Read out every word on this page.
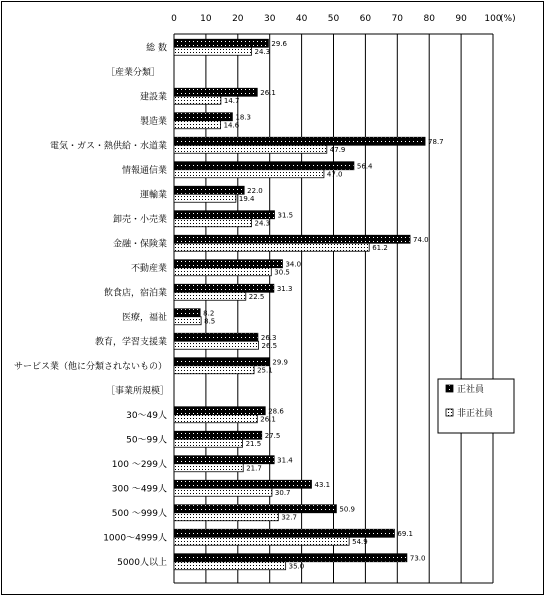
0	10 20 30 40 50 60 70 80 90 100
(%)
29.6
24.3
26.1
14.7
18.3
14.6
78.7
47.9
56.4
47.0
22.0
19.4
31.5
24.3
74.0
61.2
34.0
30.5
31.3
22.5
8.2
8.5
26.3
26.5
29.9
25.1
28.6
26.1
27.5
21.5
31.4
21.7
43.1
30.7
50.9
32.7
69.1
54.9
73.0
35.0
総 数
［産業分類］
建設業
製造業
電気・ガス・熱供給・水道業
情報通信業
運輸業
卸売・小売業
金融・保険業
不動産業
飲食店，宿泊業
医療，福祉
教育，学習支援業
サービス業（他に分類されないもの）
［事業所規模］
30～49人
50～99人
100 ～299人
300 ～499人
500 ～999人
1000～4999人
5000人以上
正社員
非正社員
